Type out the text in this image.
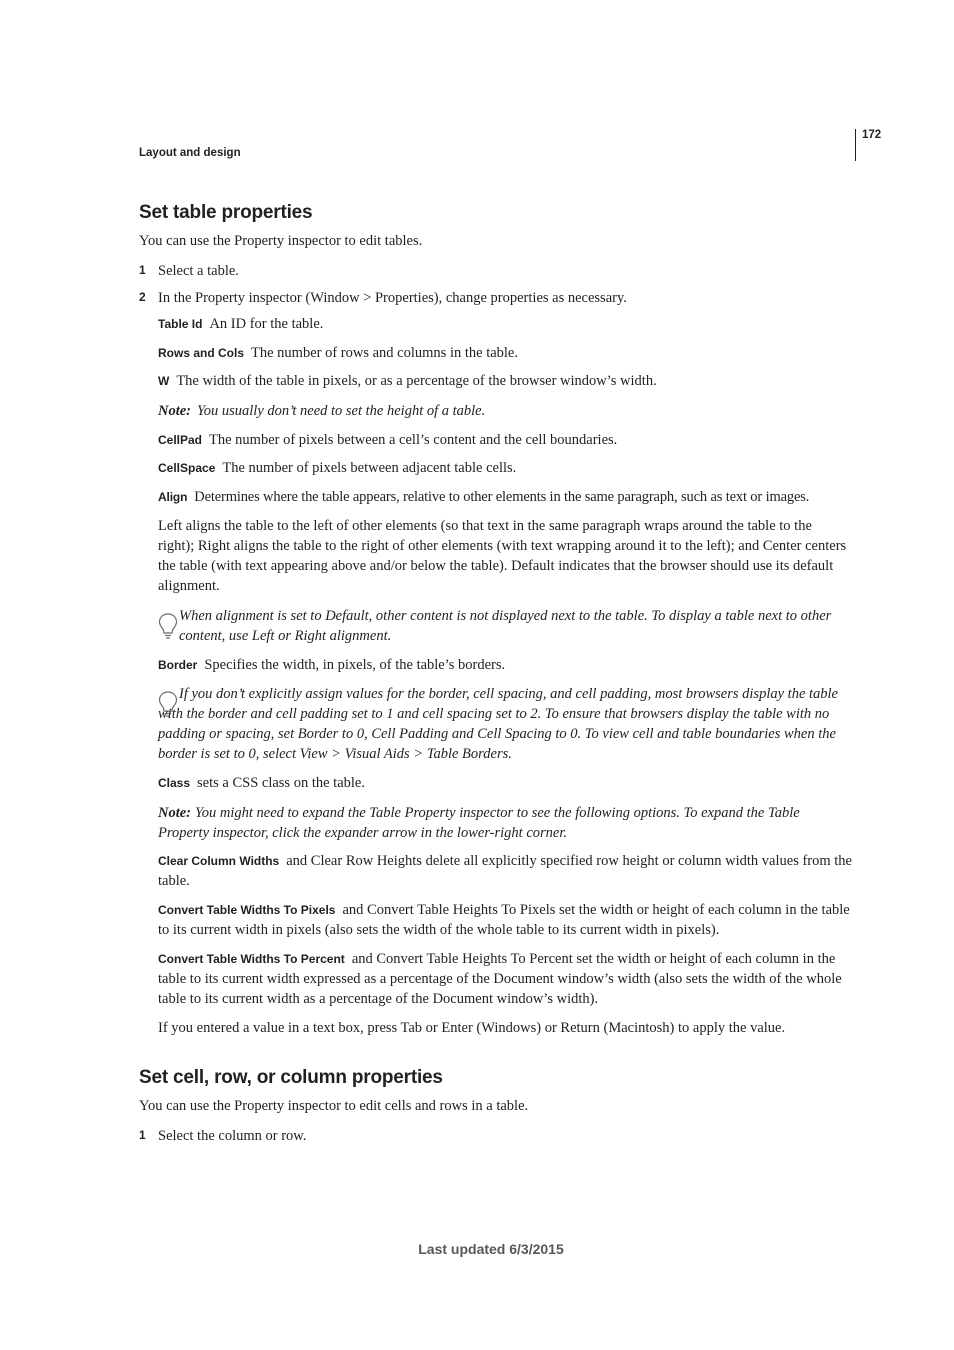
Layout and design
172
Set table properties
You can use the Property inspector to edit tables.
1 Select a table.
2 In the Property inspector (Window > Properties), change properties as necessary.
Table Id An ID for the table.
Rows and Cols The number of rows and columns in the table.
W The width of the table in pixels, or as a percentage of the browser window’s width.
Note: You usually don’t need to set the height of a table.
CellPad The number of pixels between a cell’s content and the cell boundaries.
CellSpace The number of pixels between adjacent table cells.
Align Determines where the table appears, relative to other elements in the same paragraph, such as text or images.
Left aligns the table to the left of other elements (so that text in the same paragraph wraps around the table to the right); Right aligns the table to the right of other elements (with text wrapping around it to the left); and Center centers the table (with text appearing above and/or below the table). Default indicates that the browser should use its default alignment.
When alignment is set to Default, other content is not displayed next to the table. To display a table next to other content, use Left or Right alignment.
Border Specifies the width, in pixels, of the table’s borders.
If you don’t explicitly assign values for the border, cell spacing, and cell padding, most browsers display the table with the border and cell padding set to 1 and cell spacing set to 2. To ensure that browsers display the table with no padding or spacing, set Border to 0, Cell Padding and Cell Spacing to 0. To view cell and table boundaries when the border is set to 0, select View > Visual Aids > Table Borders.
Class sets a CSS class on the table.
Note: You might need to expand the Table Property inspector to see the following options. To expand the Table Property inspector, click the expander arrow in the lower-right corner.
Clear Column Widths and Clear Row Heights delete all explicitly specified row height or column width values from the table.
Convert Table Widths To Pixels and Convert Table Heights To Pixels set the width or height of each column in the table to its current width in pixels (also sets the width of the whole table to its current width in pixels).
Convert Table Widths To Percent and Convert Table Heights To Percent set the width or height of each column in the table to its current width expressed as a percentage of the Document window’s width (also sets the width of the whole table to its current width as a percentage of the Document window’s width).
If you entered a value in a text box, press Tab or Enter (Windows) or Return (Macintosh) to apply the value.
Set cell, row, or column properties
You can use the Property inspector to edit cells and rows in a table.
1 Select the column or row.
Last updated 6/3/2015
